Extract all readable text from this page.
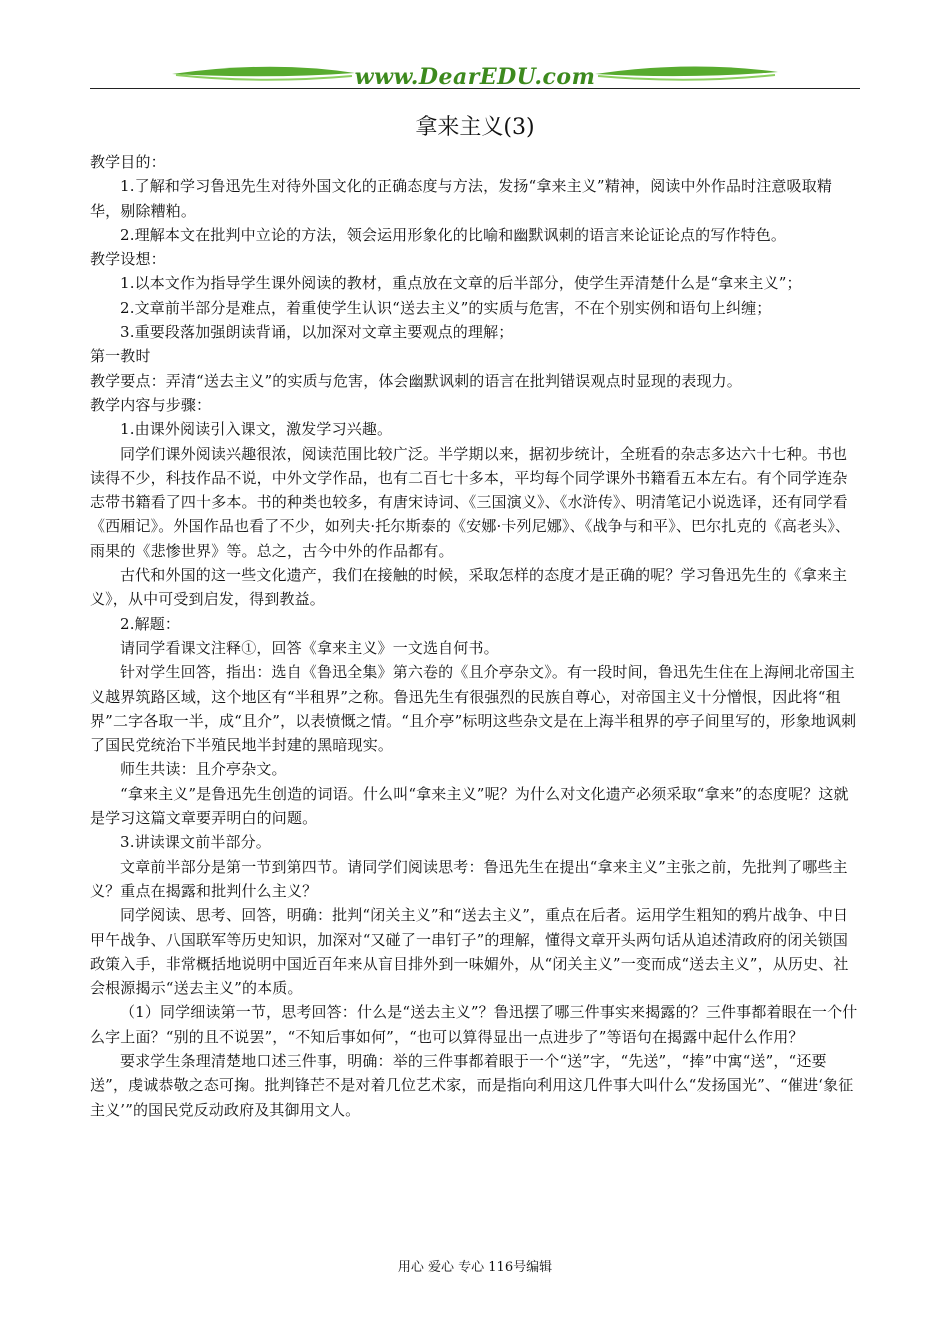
www.DearEDU.com
拿来主义(3)

教学目的：

1.了解和学习鲁迅先生对待外国文化的正确态度与方法，发扬“拿来主义”精神，阅读中外作品时注意吸取精华，剔除糟粕。

2.理解本文在批判中立论的方法，领会运用形象化的比喻和幽默讽刺的语言来论证论点的写作特色。

教学设想：

1.以本文作为指导学生课外阅读的教材，重点放在文章的后半部分，使学生弄清楚什么是“拿来主义”；

2.文章前半部分是难点，着重使学生认识“送去主义”的实质与危害，不在个别实例和语句上纠缠；

3.重要段落加强朗读背诵，以加深对文章主要观点的理解；

第一教时

教学要点：弄清“送去主义”的实质与危害，体会幽默讽刺的语言在批判错误观点时显现的表现力。

教学内容与步骤：

1.由课外阅读引入课文，激发学习兴趣。

同学们课外阅读兴趣很浓，阅读范围比较广泛。半学期以来，据初步统计，全班看的杂志多达六十七种。书也读得不少，科技作品不说，中外文学作品，也有二百七十多本，平均每个同学课外书籍看五本左右。有个同学连杂志带书籍看了四十多本。书的种类也较多，有唐宋诗词、《三国演义》、《水浒传》、明清笔记小说选译，还有同学看《西厢记》。外国作品也看了不少，如列夫·托尔斯泰的《安娜·卡列尼娜》、《战争与和平》、巴尔扎克的《高老头》、雨果的《悲惨世界》等。总之，古今中外的作品都有。

古代和外国的这一些文化遗产，我们在接触的时候，采取怎样的态度才是正确的呢？学习鲁迅先生的《拿来主义》，从中可受到启发，得到教益。

2.解题：

请同学看课文注释①，回答《拿来主义》一文选自何书。

针对学生回答，指出：选自《鲁迅全集》第六卷的《且介亭杂文》。有一段时间，鲁迅先生住在上海闸北帝国主义越界筑路区域，这个地区有“半租界”之称。鲁迅先生有很强烈的民族自尊心，对帝国主义十分憎恨，因此将“租界”二字各取一半，成“且介”，以表愤慨之情。“且介亭”标明这些杂文是在上海半租界的亭子间里写的，形象地讽刺了国民党统治下半殖民地半封建的黑暗现实。

师生共读：且介亭杂文。

“拿来主义”是鲁迅先生创造的词语。什么叫“拿来主义”呢？为什么对文化遗产必须采取“拿来”的态度呢？这就是学习这篇文章要弄明白的问题。

3.讲读课文前半部分。

文章前半部分是第一节到第四节。请同学们阅读思考：鲁迅先生在提出“拿来主义”主张之前，先批判了哪些主义？重点在揭露和批判什么主义？

同学阅读、思考、回答，明确：批判“闭关主义”和“送去主义”，重点在后者。运用学生粗知的鸦片战争、中日甲午战争、八国联军等历史知识，加深对“又碰了一串钉子”的理解，懂得文章开头两句话从追述清政府的闭关锁国政策入手，非常概括地说明中国近百年来从盲目排外到一味媚外，从“闭关主义”一变而成“送去主义”，从历史、社会根源揭示“送去主义”的本质。

（1）同学细读第一节，思考回答：什么是“送去主义”？鲁迅摆了哪三件事实来揭露的？三件事都着眼在一个什么字上面？“别的且不说罢”，“不知后事如何”，“也可以算得显出一点进步了”等语句在揭露中起什么作用？

要求学生条理清楚地口述三件事，明确：举的三件事都着眼于一个“送”字，“先送”，“捧”中寓“送”，“还要送”，虔诚恭敬之态可掬。批判锋芒不是对着几位艺术家，而是指向利用这几件事大叫什么“发扬国光”、“催进‘象征主义’”的国民党反动政府及其御用文人。

用心 爱心 专心 116号编辑
